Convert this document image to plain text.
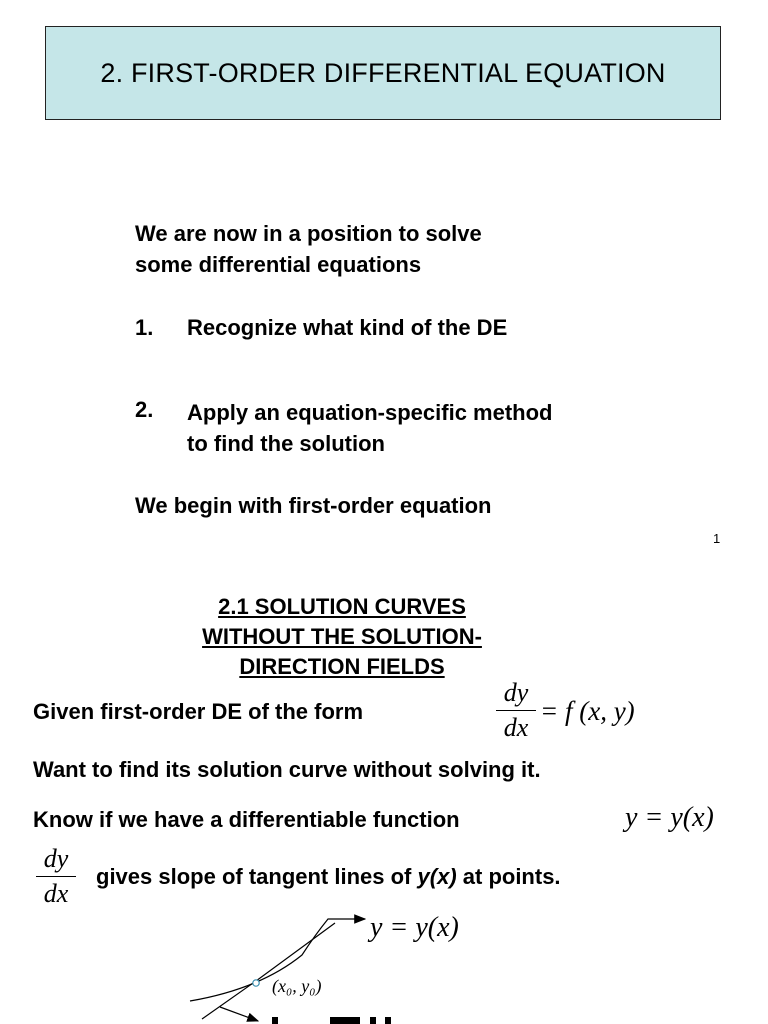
2. FIRST-ORDER DIFFERENTIAL EQUATION
We are now in a position to solve
some differential equations
1. Recognize what kind of the DE
2. Apply an equation-specific method
to find the solution
We begin with first-order equation
1
2.1 SOLUTION CURVES
WITHOUT THE SOLUTION-
DIRECTION FIELDS
Given first-order DE of the form
dy
dx
= f (x, y)
Want to find its solution curve without solving it.
Know if we have a differentiable function	y = y(x)
dy
dx
gives slope of tangent lines of y(x) at points.
y = y(x)
(x₀, y₀)
